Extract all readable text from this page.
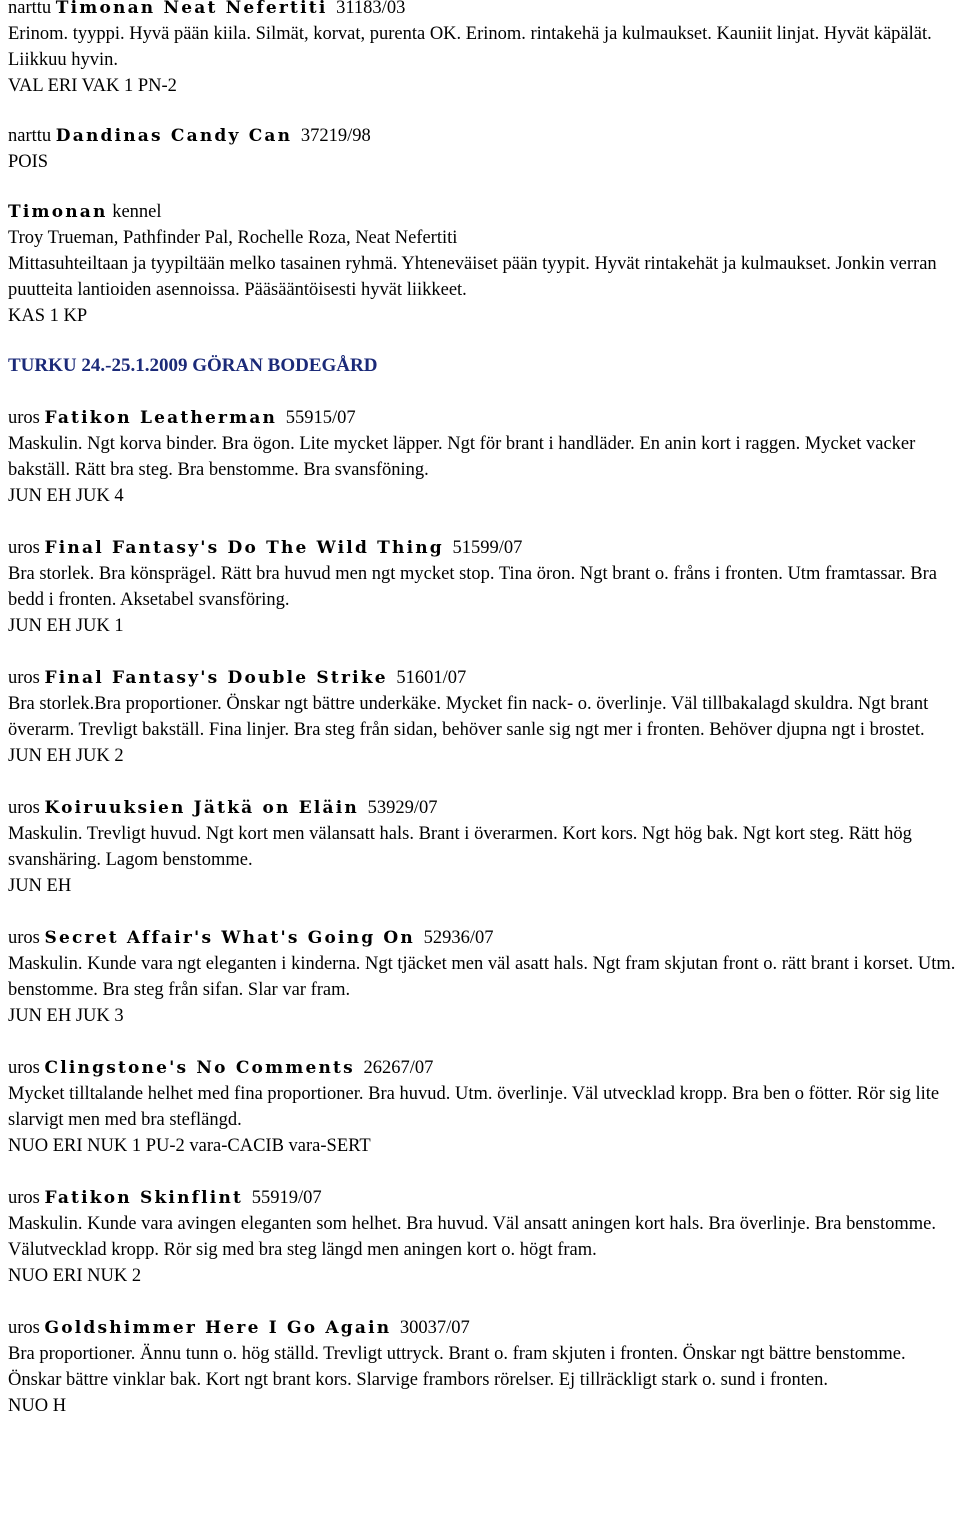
narttu Timonan Neat Nefertiti 31183/03
Erinom. tyyppi. Hyvä pään kiila. Silmät, korvat, purenta OK. Erinom. rintakehä ja kulmaukset. Kauniit linjat. Hyvät käpälät. Liikkuu hyvin.
VAL ERI VAK 1 PN-2
narttu Dandinas Candy Can 37219/98
POIS
Timonan kennel
Troy Trueman, Pathfinder Pal, Rochelle Roza, Neat Nefertiti
Mittasuhteiltaan ja tyypiltään melko tasainen ryhmä. Yhteneväiset pään tyypit. Hyvät rintakehät ja kulmaukset. Jonkin verran puutteita lantioiden asennoissa. Pääsääntöisesti hyvät liikkeet.
KAS 1 KP
TURKU 24.-25.1.2009 GÖRAN BODEGÅRD
uros Fatikon Leatherman 55915/07
Maskulin. Ngt korva binder. Bra ögon. Lite mycket läpper. Ngt för brant i handläder. En anin kort i raggen. Mycket vacker bakställ. Rätt bra steg. Bra benstomme. Bra svansföning.
JUN EH JUK 4
uros Final Fantasy's Do The Wild Thing 51599/07
Bra storlek. Bra könsprägel. Rätt bra huvud men ngt mycket stop. Tina öron. Ngt brant o. fråns i fronten. Utm framtassar. Bra bedd i fronten. Aksetabel svansföring.
JUN EH JUK 1
uros Final Fantasy's Double Strike 51601/07
Bra storlek.Bra proportioner. Önskar ngt bättre underkäke. Mycket fin nack- o. överlinje. Väl tillbakalagd skuldra. Ngt brant överarm. Trevligt bakställ. Fina linjer. Bra steg från sidan, behöver sanle sig ngt mer i fronten. Behöver djupna ngt i brostet.
JUN EH JUK 2
uros Koiruuksien Jätkä on Eläin 53929/07
Maskulin. Trevligt huvud. Ngt kort men välansatt hals. Brant i överarmen. Kort kors. Ngt hög bak. Ngt kort steg. Rätt hög svanshäring. Lagom benstomme.
JUN EH
uros Secret Affair's What's Going On 52936/07
Maskulin. Kunde vara ngt eleganten i kinderna. Ngt tjäcket men väl asatt hals. Ngt fram skjutan front o. rätt brant i korset. Utm. benstomme. Bra steg från sifan. Slar var fram.
JUN EH JUK 3
uros Clingstone's No Comments 26267/07
Mycket tilltalande helhet med fina proportioner. Bra huvud. Utm. överlinje. Väl utvecklad kropp. Bra ben o fötter. Rör sig lite slarvigt men med bra steflängd.
NUO ERI NUK 1 PU-2 vara-CACIB vara-SERT
uros Fatikon Skinflint 55919/07
Maskulin. Kunde vara avingen eleganten som helhet. Bra huvud. Väl ansatt aningen kort hals. Bra överlinje. Bra benstomme. Välutvecklad kropp. Rör sig med bra steg längd men aningen kort o. högt fram.
NUO ERI NUK 2
uros Goldshimmer Here I Go Again 30037/07
Bra proportioner. Ännu tunn o. hög ställd. Trevligt uttryck. Brant o. fram skjuten i fronten. Önskar ngt bättre benstomme. Önskar bättre vinklar bak. Kort ngt brant kors. Slarvige frambors rörelser. Ej tillräckligt stark o. sund i fronten.
NUO H
